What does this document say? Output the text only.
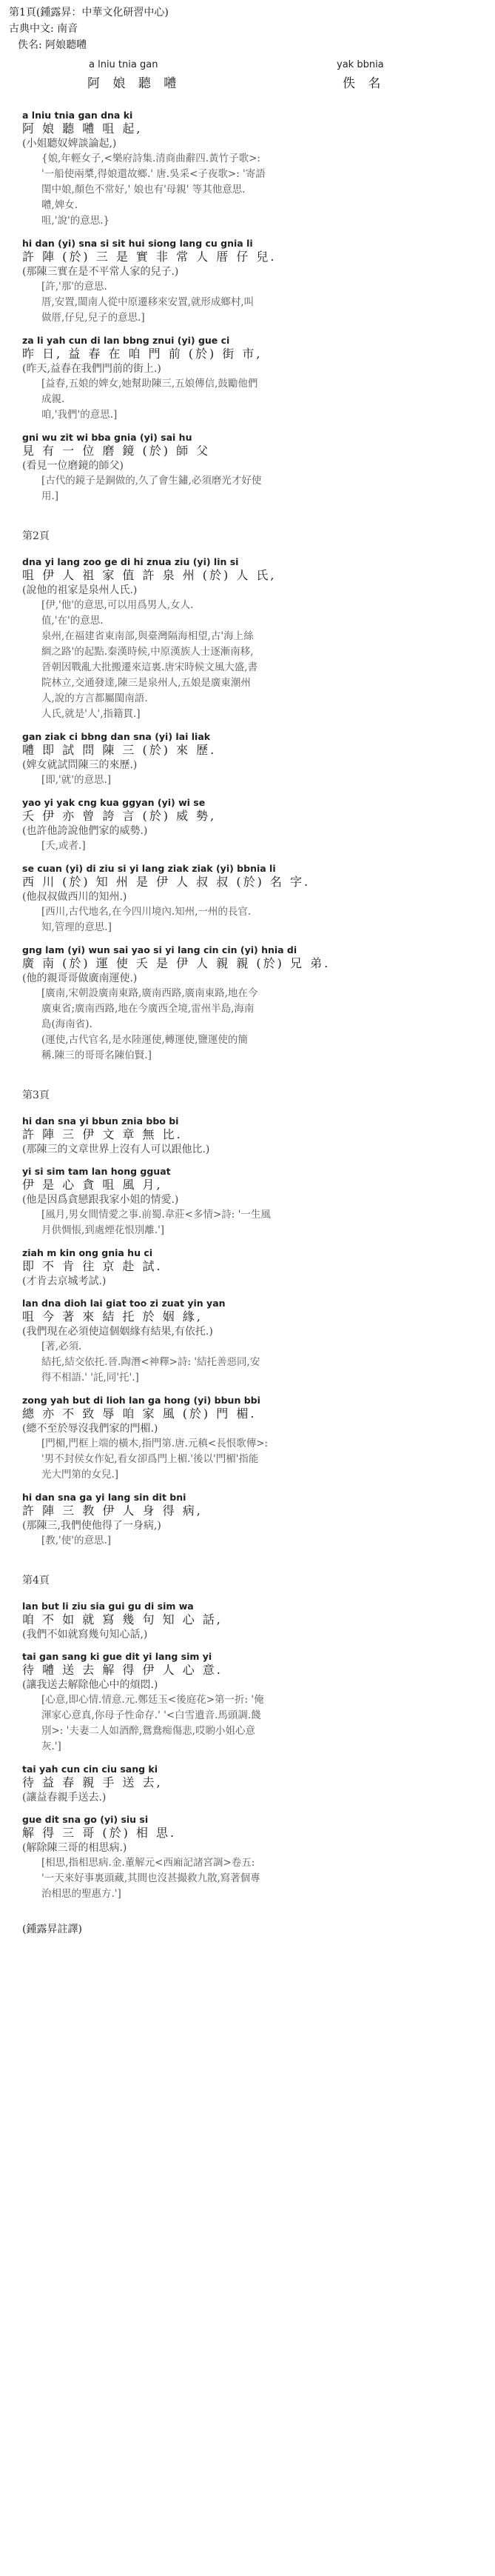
第1頁(鍾露昇：中華文化研習中心)
古典中文: 南音
佚名: 阿娘聽𡅏
a lniu tnia gan
阿 娘 聽 𡅏
yak bbnia
佚 名
a lniu tnia gan dna ki
阿 娘 聽 𡅏 咀 起,
(小姐聽奴婢談論起,)
{娘,年輕女子,<樂府詩集.清商曲辭四.黃竹子歌>:
'一船使兩槳,得娘還故鄉.' 唐.吳采<子夜歌>: '寄語
閨中娘,顏色不常好,' 娘也有'母親' 等其他意思.
𡅏,婢女.
咀,'說'的意思.}
hi dan (yi) sna si sit hui siong lang cu gnia li
許 陣 (於) 三 是 實 非 常 人 厝 仔 兒.
(那陳三實在是不平常人家的兒子.)
[許,'那'的意思.
厝,安置,閩南人從中原遷移來安置,就形成鄉村,叫
做厝,仔兒,兒子的意思.]
za li yah cun di lan bbng znui (yi) gue ci
昨 日, 益 春 在 咱 門 前 (於) 街 市,
(昨天,益春在我們門前的街上.)
[益春,五娘的婢女,她幫助陳三,五娘傳信,鼓勵他們
成親.
咱,'我們'的意思.]
gni wu zit wi bba gnia (yi) sai hu
見 有 一 位 磨 鏡 (於) 師 父
(看見一位磨鏡的師父)
[古代的鏡子是銅做的,久了會生鏽,必須磨光才好使
用.]
第2頁
dna yi lang zoo ge di hi znua ziu (yi) lin si
咀 伊 人 祖 家 值 許 泉 州 (於) 人 氏,
(說他的祖家是泉州人氏.)
[伊,'他'的意思,可以用爲男人,女人.
值,'在'的意思.
泉州,在福建省東南部,與臺灣隔海相望,古'海上絲
綢之路'的起點.秦漢時候,中原漢族人士逐漸南移,
晉朝因戰亂大批搬遷來這裏.唐宋時候文風大盛,書
院林立,交通發達,陳三是泉州人,五娘是廣東潮州
人,說的方言都屬閩南語.
人氏,就是'人',指籍貫.]
gan ziak ci bbng dan sna (yi) lai liak
𡅏 即 試 問 陳 三 (於) 來 歷.
(婢女就試問陳三的來歷.)
[即,'就'的意思.]
yao yi yak cng kua ggyan (yi) wi se
夭 伊 亦 曾 誇 言 (於) 威 勢,
(也許他誇說他們家的威勢.)
[夭,或者.]
se cuan (yi) di ziu si yi lang ziak ziak (yi) bbnia li
西 川 (於) 知 州 是 伊 人 叔 叔 (於) 名 字.
(他叔叔做西川的知州.)
[西川,古代地名,在今四川境內.知州,一州的長官.
知,管理的意思.]
gng lam (yi) wun sai yao si yi lang cin cin (yi) hnia di
廣 南 (於) 運 使 夭 是 伊 人 親 親 (於) 兄 弟.
(他的親哥哥做廣南運使.)
[廣南,宋朝設廣南東路,廣南西路,廣南東路,地在今
廣東省;廣南西路,地在今廣西全境,雷州半島,海南
島(海南省).
(運使,古代官名,是水陸運使,轉運使,鹽運使的簡
稱.陳三的哥哥名陳伯賢.]
第3頁
hi dan sna yi bbun znia bbo bi
許 陣 三 伊 文 章 無 比.
(那陳三的文章世界上沒有人可以跟他比.)
yi si sim tam lan hong gguat
伊 是 心 貪 咀 風 月,
(他是因爲貪戀跟我家小姐的情愛.)
[風月,男女間情愛之事.前蜀.韋莊<多情>詩: '一生風
月供惆悵,到處煙花恨別離.']
ziah m kin ong gnia hu ci
即 不 肯 往 京 赴 試.
(才肯去京城考試.)
lan dna dioh lai giat too zi zuat yin yan
咀 今 著 來 結 托 於 姻 緣,
(我們現在必須使這個姻緣有結果,有依托.)
[著,必須.
結托,結交依托.晉.陶潛<神釋>詩: '結托善惡同,安
得不相語.' '託,同'托'.]
zong yah but di lioh lan ga hong (yi) bbun bbi
總 亦 不 致 辱 咱 家 風 (於) 門 楣.
(總不至於辱沒我們家的門楣.)
[門楣,門框上端的橫木,指門第.唐.元稹<長恨歌傳>:
'男不封侯女作妃,看女卻爲門上楣.'後以'門楣'指能
光大門第的女兒.]
hi dan sna ga yi lang sin dit bni
許 陣 三 教 伊 人 身 得 病,
(那陳三,我們使他得了一身病,)
[教,'使'的意思.]
第4頁
lan but li ziu sia gui gu di sim wa
咱 不 如 就 寫 幾 句 知 心 話,
(我們不如就寫幾句知心話,)
tai gan sang ki gue dit yi lang sim yi
待 𡅏 送 去 解 得 伊 人 心 意.
(讓我送去解除他心中的煩悶.)
[心意,即心情.情意.元.鄭廷玉<後庭花>第一折: '俺
渾家心意真,你母子性命存.' '<白雪遺音.馬頭調.餞
別>: '夫妻二人如酒醉,鴛鴦痴傷悲,哎喲小姐心意
灰.']
tai yah cun cin ciu sang ki
待 益 春 親 手 送 去,
(讓益春親手送去.)
gue dit sna go (yi) siu si
解 得 三 哥 (於) 相 思.
(解除陳三哥的相思病.)
[相思,指相思病.金.董解元<西廂記諸宮調>卷五:
'一天來好事裏頭藏,其間也沒甚撮救九散,寫著個專
治相思的聖惠方.']
(鍾露昇註譯)
